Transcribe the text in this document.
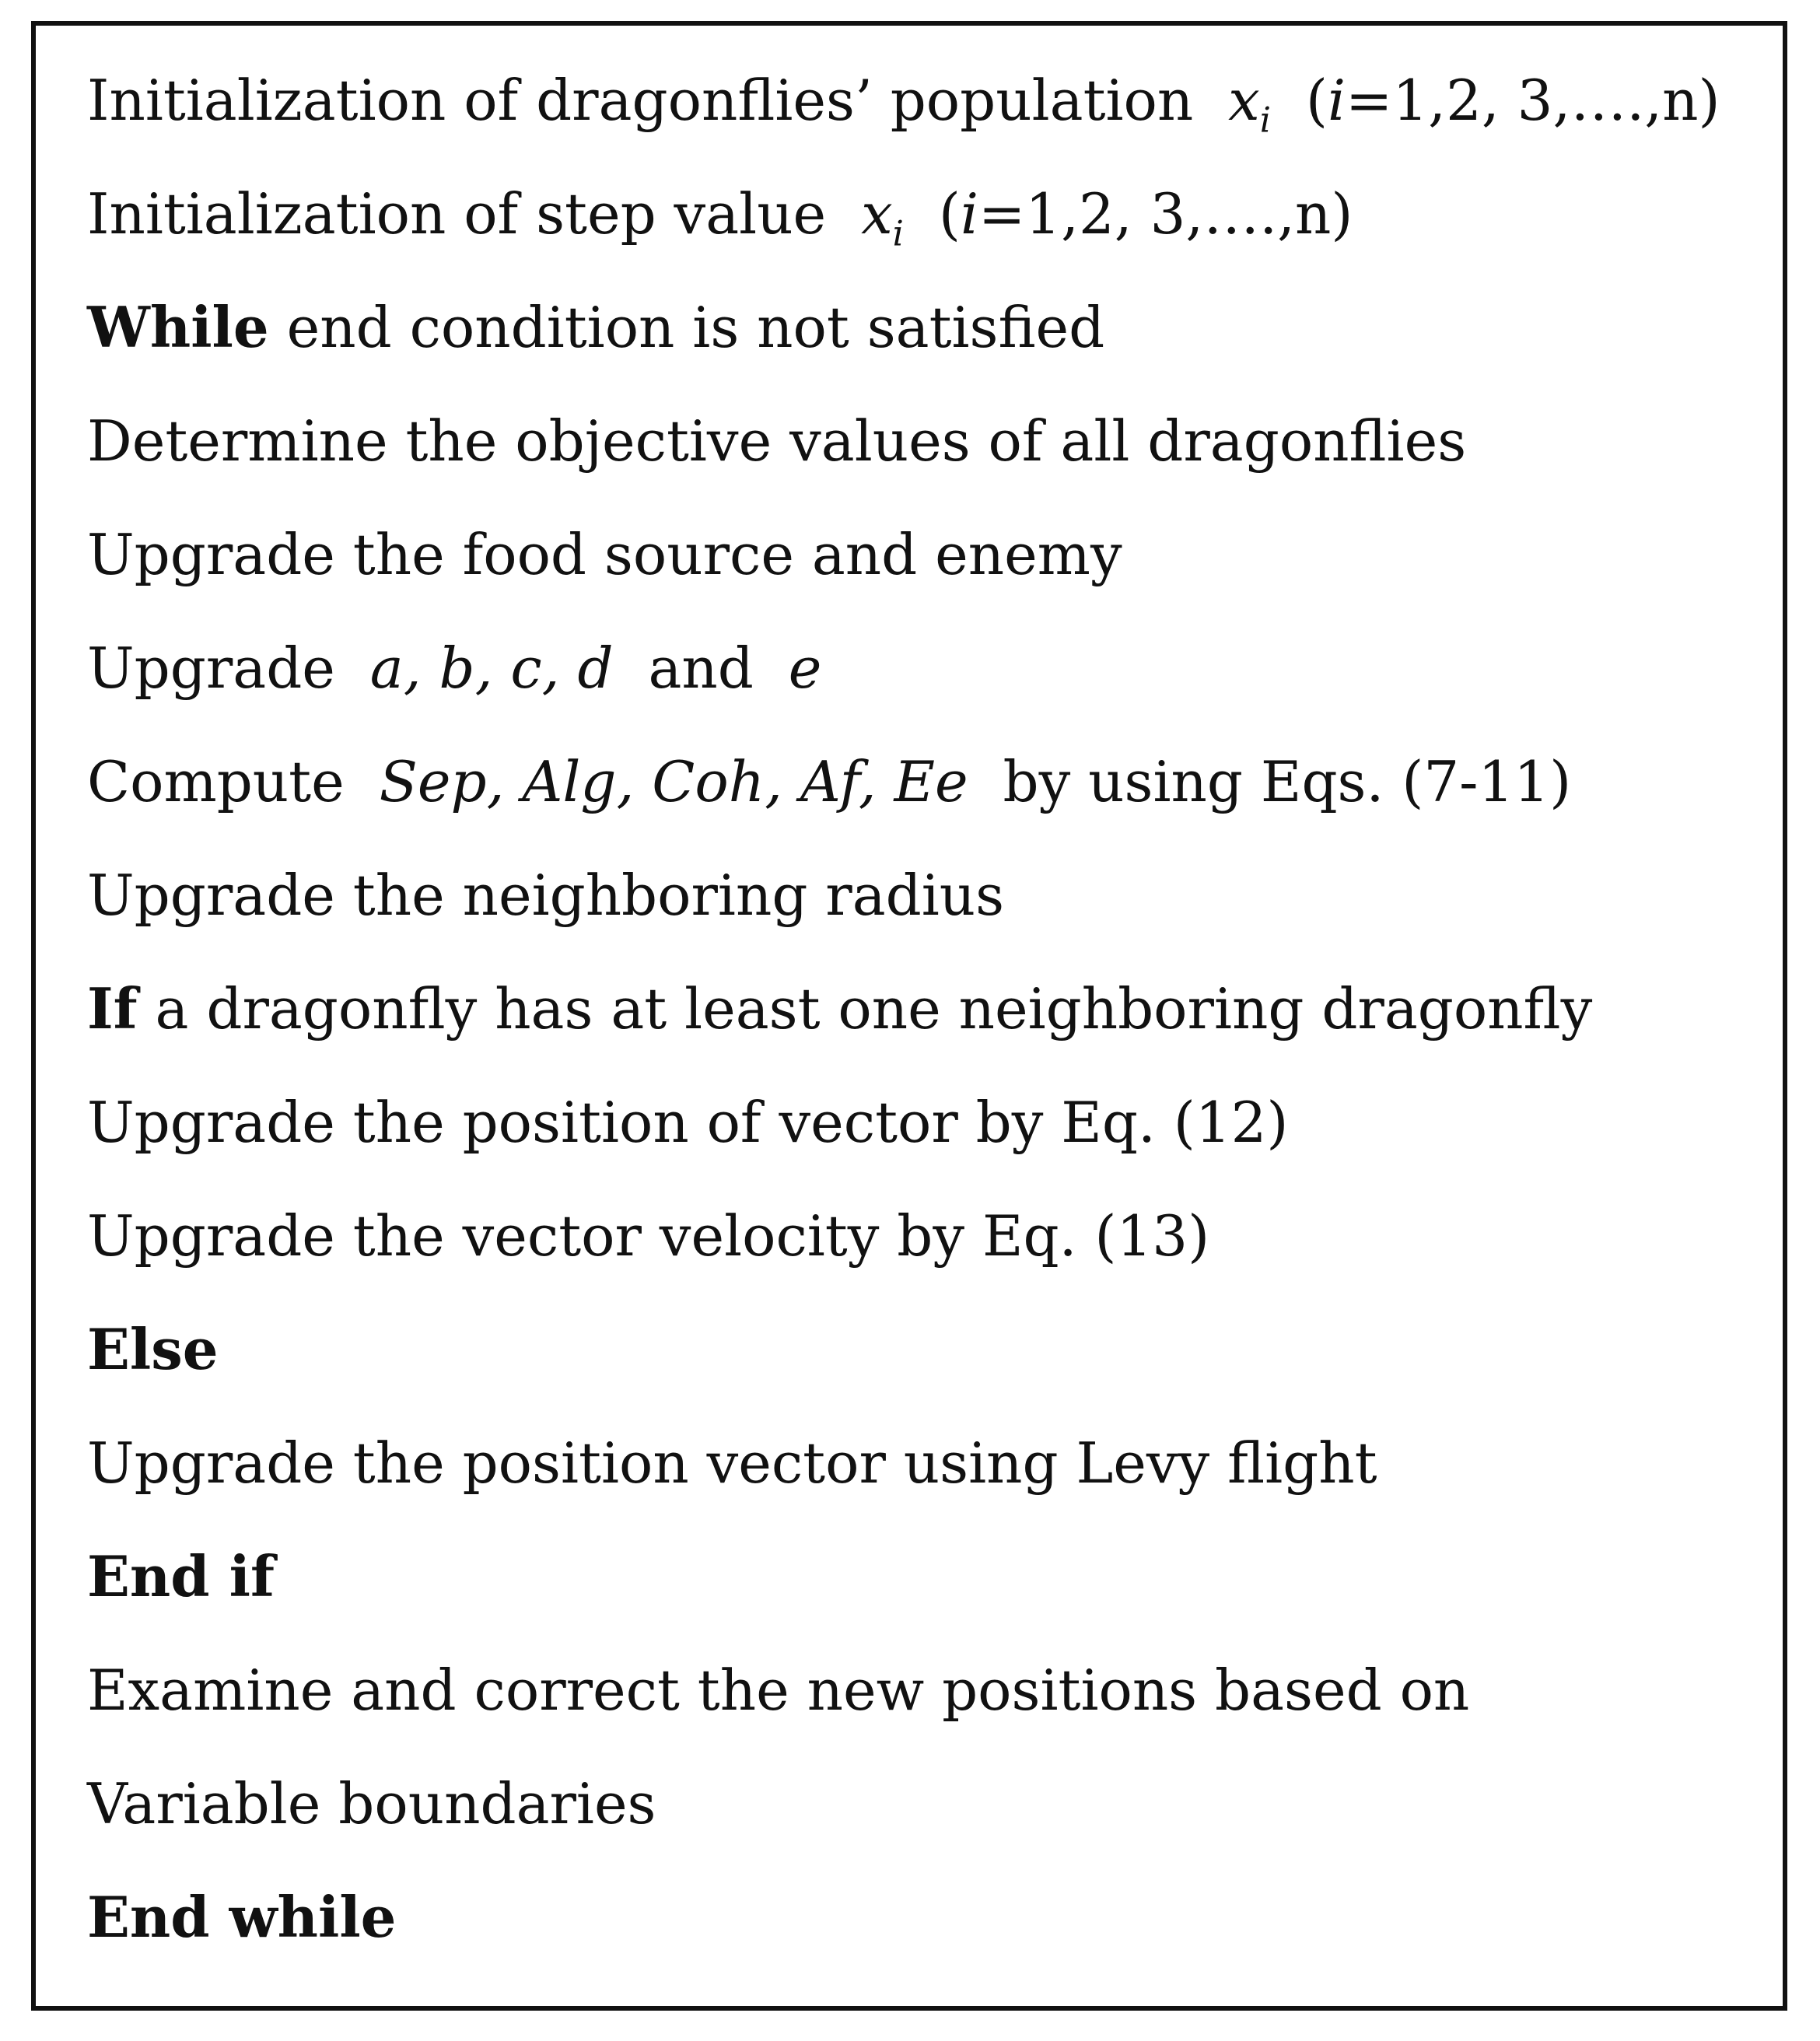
Initialization of dragonflies’ population $x_i$ (i=1,2, 3,….,n)
Initialization of step value $x_i$ (i=1,2, 3,….,n)
While end condition is not satisfied
Determine the objective values of all dragonflies
Upgrade the food source and enemy
Upgrade a, b, c, d and e
Compute Sep, Alg, Coh, Af, Ee by using Eqs. (7-11)
Upgrade the neighboring radius
If a dragonfly has at least one neighboring dragonfly
Upgrade the position of vector by Eq. (12)
Upgrade the vector velocity by Eq. (13)
Else
Upgrade the position vector using Levy flight
End if
Examine and correct the new positions based on
Variable boundaries
End while
